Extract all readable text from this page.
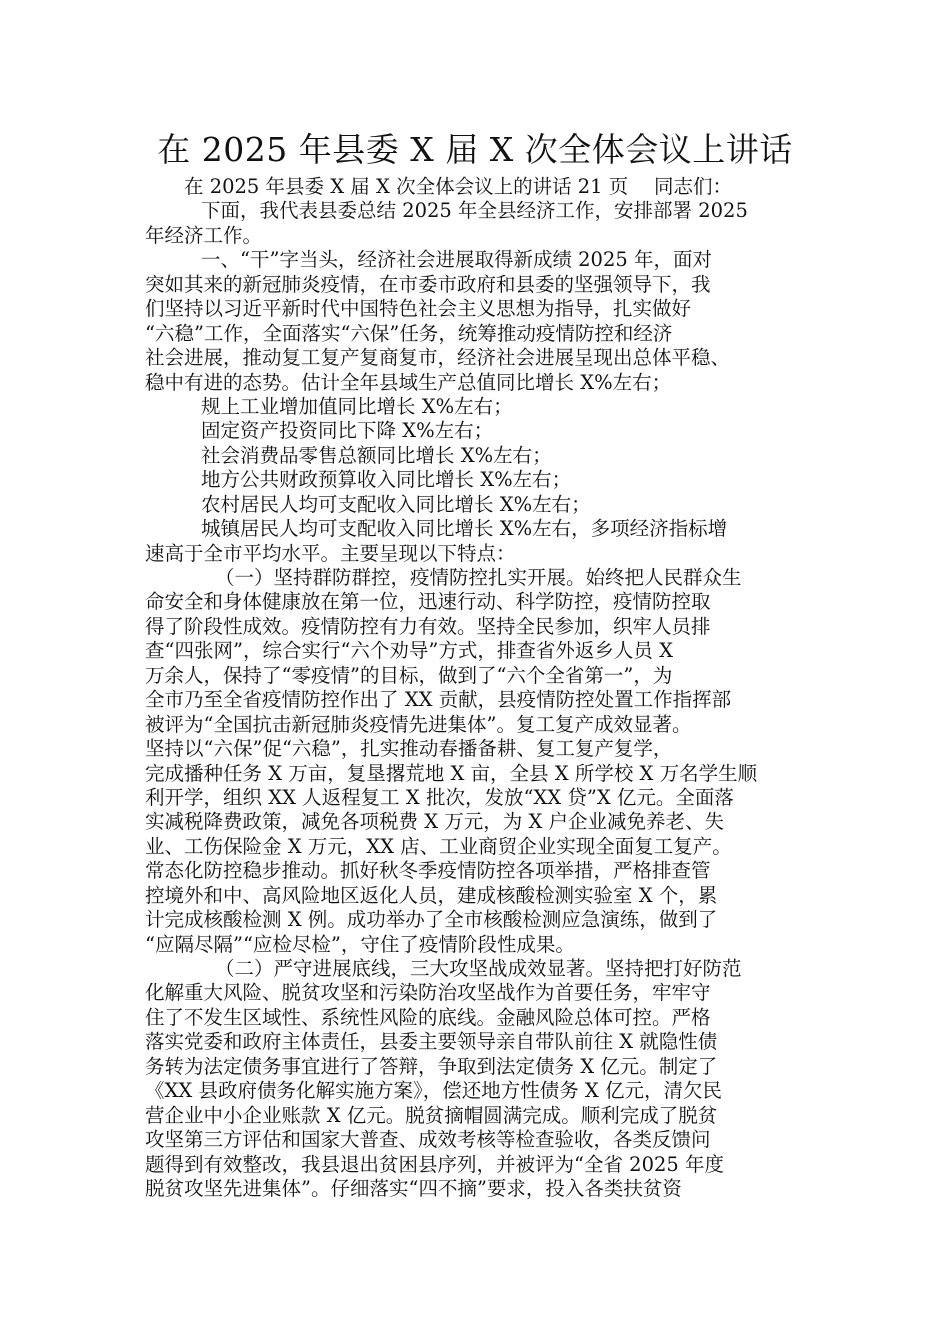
在 2025 年县委 X 届 X 次全体会议上讲话
在 2025 年县委 X 届 X 次全体会议上的讲话 21 页　 同志们：
下面，我代表县委总结 2025 年全县经济工作，安排部署 2025
年经济工作。
一、“干”字当头，经济社会进展取得新成绩 2025 年，面对
突如其来的新冠肺炎疫情，在市委市政府和县委的坚强领导下，我
们坚持以习近平新时代中国特色社会主义思想为指导，扎实做好
“六稳”工作，全面落实“六保”任务，统筹推动疫情防控和经济
社会进展，推动复工复产复商复市，经济社会进展呈现出总体平稳、
稳中有进的态势。估计全年县域生产总值同比增长 X%左右；
规上工业增加值同比增长 X%左右；
固定资产投资同比下降 X%左右；
社会消费品零售总额同比增长 X%左右；
地方公共财政预算收入同比增长 X%左右；
农村居民人均可支配收入同比增长 X%左右；
城镇居民人均可支配收入同比增长 X%左右，多项经济指标增
速高于全市平均水平。主要呈现以下特点：
（一）坚持群防群控，疫情防控扎实开展。始终把人民群众生
命安全和身体健康放在第一位，迅速行动、科学防控，疫情防控取
得了阶段性成效。疫情防控有力有效。坚持全民参加，织牢人员排
查“四张网”，综合实行“六个劝导”方式，排查省外返乡人员 X
万余人，保持了“零疫情”的目标，做到了“六个全省第一”，为
全市乃至全省疫情防控作出了 XX 贡献，县疫情防控处置工作指挥部
被评为“全国抗击新冠肺炎疫情先进集体”。复工复产成效显著。
坚持以“六保”促“六稳”，扎实推动春播备耕、复工复产复学，
完成播种任务 X 万亩，复垦撂荒地 X 亩，全县 X 所学校 X 万名学生顺
利开学，组织 XX 人返程复工 X 批次，发放“XX 贷”X 亿元。全面落
实减税降费政策，减免各项税费 X 万元，为 X 户企业减免养老、失
业、工伤保险金 X 万元，XX 店、工业商贸企业实现全面复工复产。
常态化防控稳步推动。抓好秋冬季疫情防控各项举措，严格排查管
控境外和中、高风险地区返化人员，建成核酸检测实验室 X 个，累
计完成核酸检测 X 例。成功举办了全市核酸检测应急演练，做到了
“应隔尽隔”“应检尽检”，守住了疫情阶段性成果。
（二）严守进展底线，三大攻坚战成效显著。坚持把打好防范
化解重大风险、脱贫攻坚和污染防治攻坚战作为首要任务，牢牢守
住了不发生区域性、系统性风险的底线。金融风险总体可控。严格
落实党委和政府主体责任，县委主要领导亲自带队前往 X 就隐性债
务转为法定债务事宜进行了答辩，争取到法定债务 X 亿元。制定了
《XX 县政府债务化解实施方案》，偿还地方性债务 X 亿元，清欠民
营企业中小企业账款 X 亿元。脱贫摘帽圆满完成。顺利完成了脱贫
攻坚第三方评估和国家大普查、成效考核等检查验收，各类反馈问
题得到有效整改，我县退出贫困县序列，并被评为“全省 2025 年度
脱贫攻坚先进集体”。仔细落实“四不摘”要求，投入各类扶贫资
